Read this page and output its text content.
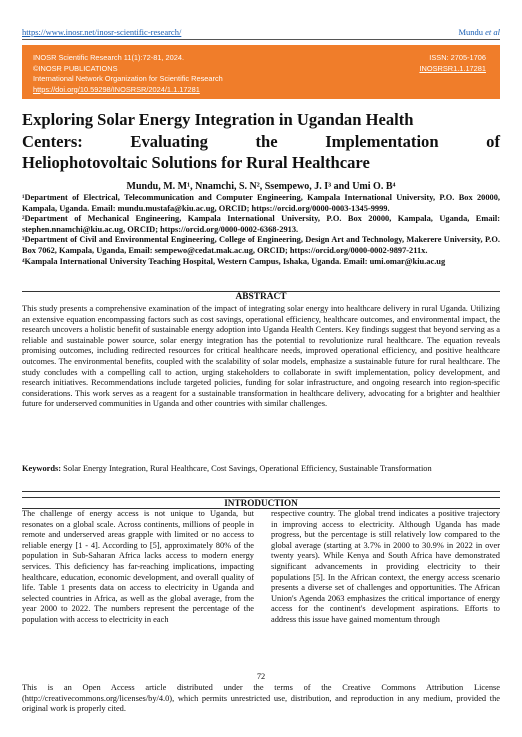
https://www.inosr.net/inosr-scientific-research/	Mundu et al
INOSR Scientific Research 11(1):72-81, 2024.
©INOSR PUBLICATIONS
International Network Organization for Scientific Research
https://doi.org/10.59298/INOSRSR/2024/1.1.17281
ISSN: 2705-1706
INOSRSR1.1.17281
Exploring Solar Energy Integration in Ugandan Health
Centers: Evaluating the Implementation of
Heliophotovoltaic Solutions for Rural Healthcare
Mundu, M. M¹, Nnamchi, S. N², Ssempewo, J. I³ and Umi O. B⁴

¹Department of Electrical, Telecommunication and Computer Engineering, Kampala International University, P.O. Box 20000, Kampala, Uganda. Email: mundu.mustafa@kiu.ac.ug, ORCID; https://orcid.org/0000-0003-1345-9999.

²Department of Mechanical Engineering, Kampala International University, P.O. Box 20000, Kampala, Uganda, Email: stephen.nnamchi@kiu.ac.ug, ORCID; https://orcid.org/0000-0002-6368-2913.

³Department of Civil and Environmental Engineering, College of Engineering, Design Art and Technology, Makerere University, P.O. Box 7062, Kampala, Uganda, Email: sempewo@cedat.mak.ac.ug, ORCID; https://orcid.org/0000-0002-9897-211x.

⁴Kampala International University Teaching Hospital, Western Campus, Ishaka, Uganda. Email: umi.omar@kiu.ac.ug

ABSTRACT

This study presents a comprehensive examination of the impact of integrating solar energy into healthcare delivery in rural Uganda. Utilizing an extensive equation encompassing factors such as cost savings, operational efficiency, healthcare outcomes, and environmental impact, the research uncovers a holistic benefit of sustainable energy adoption into Uganda Health Centers. Key findings suggest that beyond serving as a reliable and sustainable power source, solar energy integration has the potential to revolutionize rural healthcare. The equation reveals promising outcomes, including redirected resources for critical healthcare needs, improved operational efficiency, and positive healthcare outcomes. The environmental benefits, coupled with the scalability of solar models, emphasize a sustainable future for rural healthcare. The study concludes with a compelling call to action, urging stakeholders to collaborate in swift implementation, policy development, and research initiatives. Recommendations include targeted policies, funding for solar infrastructure, and ongoing research into region-specific considerations. This work serves as a reagent for a sustainable transformation in healthcare delivery, advocating for a brighter and healthier future for underserved communities in Uganda and other countries with similar challenges.

Keywords: Solar Energy Integration, Rural Healthcare, Cost Savings, Operational Efficiency, Sustainable Transformation

INTRODUCTION

The challenge of energy access is not unique to Uganda, but resonates on a global scale. Across continents, millions of people in remote and underserved areas grapple with limited or no access to reliable energy [1 - 4]. According to [5], approximately 80% of the population in Sub-Saharan Africa lacks access to modern energy services. This deficiency has far-reaching implications, impacting healthcare, education, economic development, and overall quality of life. Table 1 presents data on access to electricity in Uganda and selected countries in Africa, as well as the global average, from the year 2000 to 2022. The numbers represent the percentage of the population with access to electricity in each

respective country. The global trend indicates a positive trajectory in improving access to electricity. Although Uganda has made progress, but the percentage is still relatively low compared to the global average (starting at 3.7% in 2000 to 30.9% in 2022 in over twenty years). While Kenya and South Africa have demonstrated significant advancements in providing electricity to their populations [5]. In the African context, the energy access scenario presents a diverse set of challenges and opportunities. The African Union's Agenda 2063 emphasizes the critical importance of energy access for the continent's development aspirations. Efforts to address this issue have gained momentum through

72

This is an Open Access article distributed under the terms of the Creative Commons Attribution License (http://creativecommons.org/licenses/by/4.0), which permits unrestricted use, distribution, and reproduction in any medium, provided the original work is properly cited.
